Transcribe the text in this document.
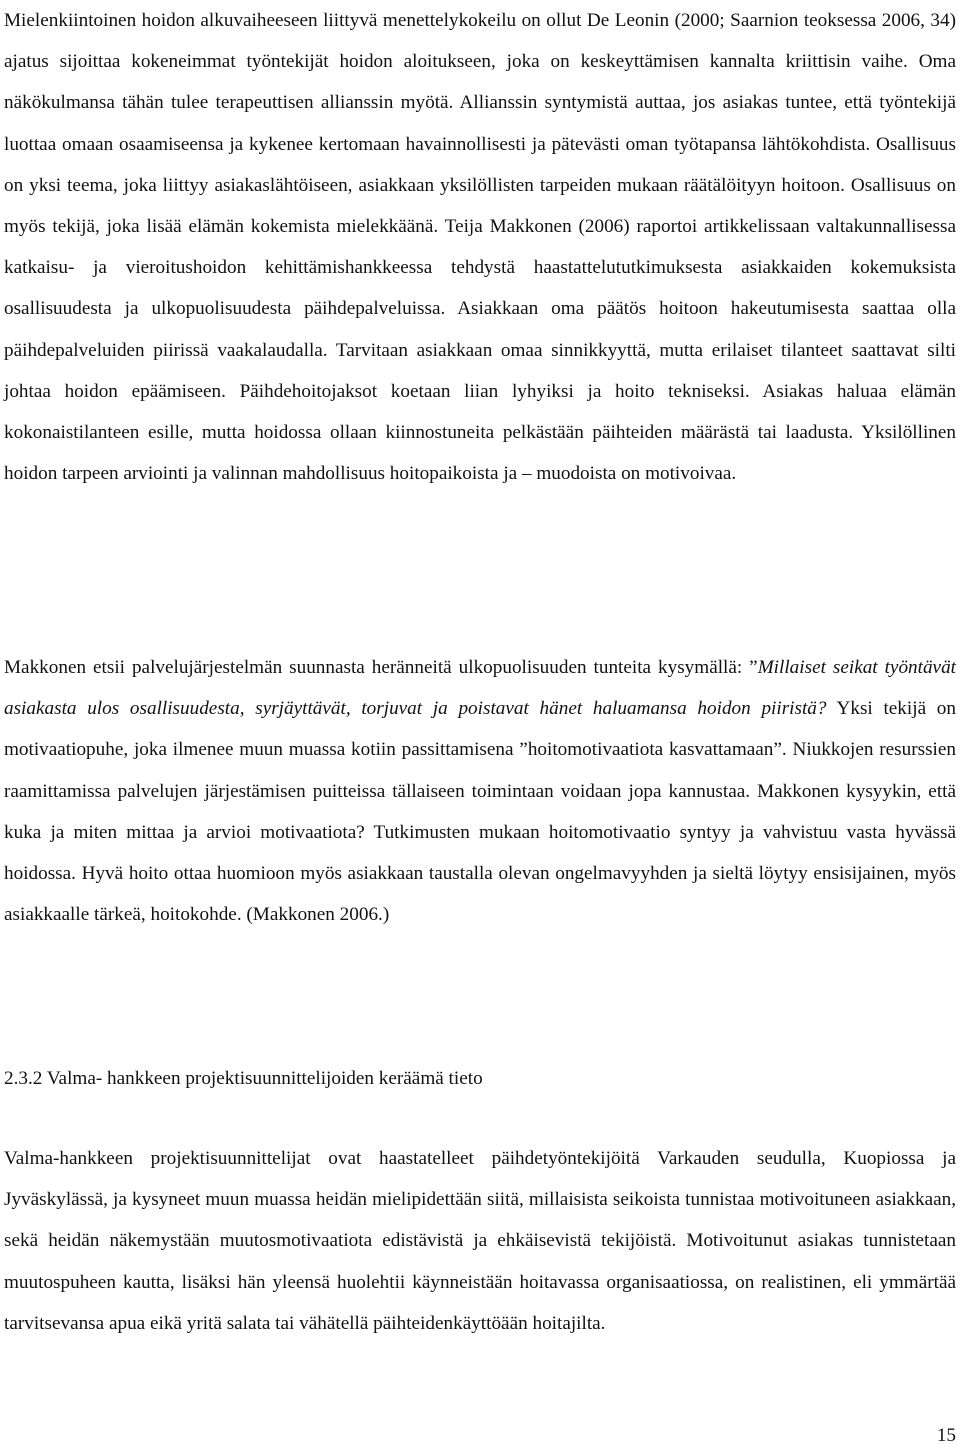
Mielenkiintoinen hoidon alkuvaiheeseen liittyvä menettelykokeilu on ollut De Leonin (2000; Saarnion teoksessa 2006, 34) ajatus sijoittaa kokeneimmat työntekijät hoidon aloitukseen, joka on keskeyttämisen kannalta kriittisin vaihe. Oma näkökulmansa tähän tulee terapeuttisen allianssin myötä. Allianssin syntymistä auttaa, jos asiakas tuntee, että työntekijä luottaa omaan osaamiseensa ja kykenee kertomaan havainnollisesti ja pätevästi oman työtapansa lähtökohdista. Osallisuus on yksi teema, joka liittyy asiakaslähtöiseen, asiakkaan yksilöllisten tarpeiden mukaan räätälöityyn hoitoon. Osallisuus on myös tekijä, joka lisää elämän kokemista mielekkäänä. Teija Makkonen (2006) raportoi artikkelissaan valtakunnallisessa katkaisu- ja vieroitushoidon kehittämishankkeessa tehdystä haastattelututkimuksesta asiakkaiden kokemuksista osallisuudesta ja ulkopuolisuudesta päihdepalveluissa. Asiakkaan oma päätös hoitoon hakeutumisesta saattaa olla päihdepalveluiden piirissä vaakalaudalla. Tarvitaan asiakkaan omaa sinnikkyyttä, mutta erilaiset tilanteet saattavat silti johtaa hoidon epäämiseen. Päihdehoitojaksot koetaan liian lyhyiksi ja hoito tekniseksi. Asiakas haluaa elämän kokonaistilanteen esille, mutta hoidossa ollaan kiinnostuneita pelkästään päihteiden määrästä tai laadusta. Yksilöllinen hoidon tarpeen arviointi ja valinnan mahdollisuus hoitopaikoista ja – muodoista on motivoivaa.

Makkonen etsii palvelujärjestelmän suunnasta heränneitä ulkopuolisuuden tunteita kysymällä: ”Millaiset seikat työntävät asiakasta ulos osallisuudesta, syrjäyttävät, torjuvat ja poistavat hänet haluamansa hoidon piiristä? Yksi tekijä on motivaatiopuhe, joka ilmenee muun muassa kotiin passittamisena ”hoitomotivaatiota kasvattamaan”. Niukkojen resurssien raamittamissa palvelujen järjestämisen puitteissa tällaiseen toimintaan voidaan jopa kannustaa. Makkonen kysyykin, että kuka ja miten mittaa ja arvioi motivaatiota? Tutkimusten mukaan hoitomotivaatio syntyy ja vahvistuu vasta hyvässä hoidossa. Hyvä hoito ottaa huomioon myös asiakkaan taustalla olevan ongelmavyyhden ja sieltä löytyy ensisijainen, myös asiakkaalle tärkeä, hoitokohde. (Makkonen 2006.)

2.3.2 Valma- hankkeen projektisuunnittelijoiden keräämä tieto

Valma-hankkeen projektisuunnittelijat ovat haastatelleet päihdetyöntekijöitä Varkauden seudulla, Kuopiossa ja Jyväskylässä, ja kysyneet muun muassa heidän mielipidettään siitä, millaisista seikoista tunnistaa motivoituneen asiakkaan, sekä heidän näkemystään muutosmotivaatiota edistävistä ja ehkäisevistä tekijöistä. Motivoitunut asiakas tunnistetaan muutospuheen kautta, lisäksi hän yleensä huolehtii käynneistään hoitavassa organisaatiossa, on realistinen, eli ymmärtää tarvitsevansa apua eikä yritä salata tai vähätellä päihteidenkäyttöään hoitajilta.

15
